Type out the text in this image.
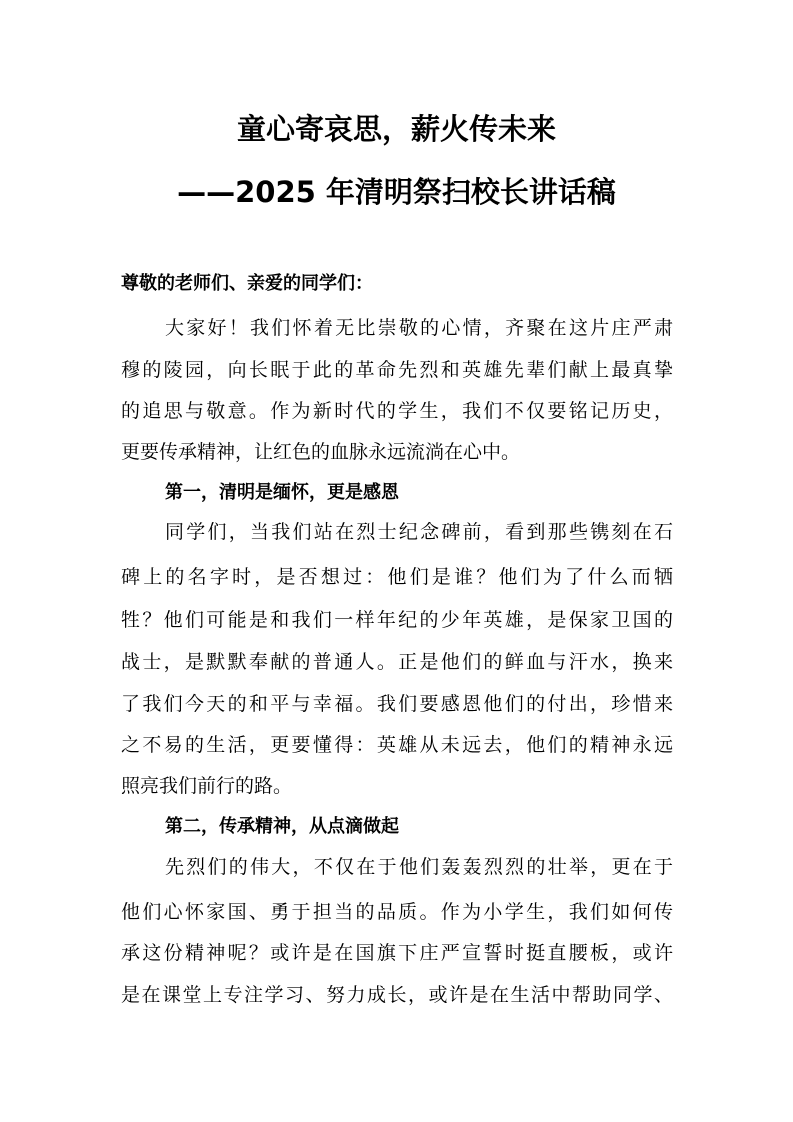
童心寄哀思，薪火传未来
——2025 年清明祭扫校长讲话稿

尊敬的老师们、亲爱的同学们：

大家好！我们怀着无比崇敬的心情，齐聚在这片庄严肃

穆的陵园，向长眠于此的革命先烈和英雄先辈们献上最真挚

的追思与敬意。作为新时代的学生，我们不仅要铭记历史，

更要传承精神，让红色的血脉永远流淌在心中。

第一，清明是缅怀，更是感恩

同学们，当我们站在烈士纪念碑前，看到那些镌刻在石

碑上的名字时，是否想过：他们是谁？他们为了什么而牺

牲？他们可能是和我们一样年纪的少年英雄，是保家卫国的

战士，是默默奉献的普通人。正是他们的鲜血与汗水，换来

了我们今天的和平与幸福。我们要感恩他们的付出，珍惜来

之不易的生活，更要懂得：英雄从未远去，他们的精神永远

照亮我们前行的路。

第二，传承精神，从点滴做起

先烈们的伟大，不仅在于他们轰轰烈烈的壮举，更在于

他们心怀家国、勇于担当的品质。作为小学生，我们如何传

承这份精神呢？或许是在国旗下庄严宣誓时挺直腰板，或许

是在课堂上专注学习、努力成长，或许是在生活中帮助同学、
